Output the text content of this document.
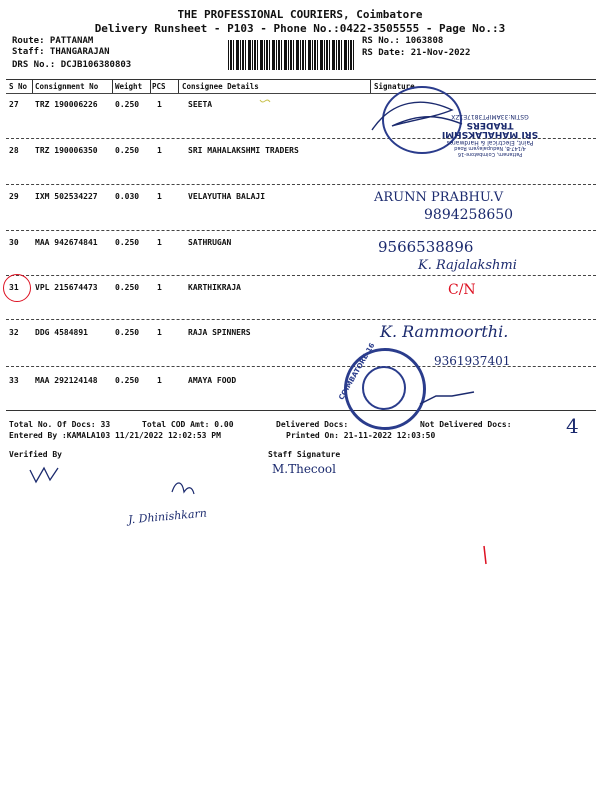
THE PROFESSIONAL COURIERS, Coimbatore
Delivery Runsheet - P103 - Phone No.:0422-3505555 - Page No.:3
Route: PATTANAM
Staff: THANGARAJAN
DRS No.: DCJB106380803
RS No.: 1063808
RS Date: 21-Nov-2022
S No Consignment No Weight PCS Consignee Details	Signature
27 TRZ 190006226 0.250 1	SEETA
28 TRZ 190006350 0.250 1	SRI MAHALAKSHMI TRADERS
29 IXM 502534227 0.030 1	VELAYUTHA BALAJI
30 MAA 942674841 0.250 1	SATHRUGAN
31 VPL 215674473 0.250 1	KARTHIKRAJA
32 DDG 4584891	0.250 1	RAJA SPINNERS
33 MAA 292124148 0.250 1	AMAYA FOOD
Pattanam, Coimbatore-16
4/147-B, Nadupalayam Road
Paint, Electrical & Hardwares
SRI MAHALAKSHMI TRADERS
GSTIN:33AMIPT3817E1ZX
COIMBATORE-16
ARUNN PRABHU.V
9894258650
9566538896
K. Rajalakshmi
C/N
K. Rammoorthi.
9361937401
4
M.Thecool
J. Dhinishkarn
Total No. Of Docs: 33	Total COD Amt: 0.00	Delivered Docs:	Not Delivered Docs:
Entered By :KAMALA103 11/21/2022 12:02:53 PM	Printed On: 21-11-2022 12:03:50
Verified By	Staff Signature
